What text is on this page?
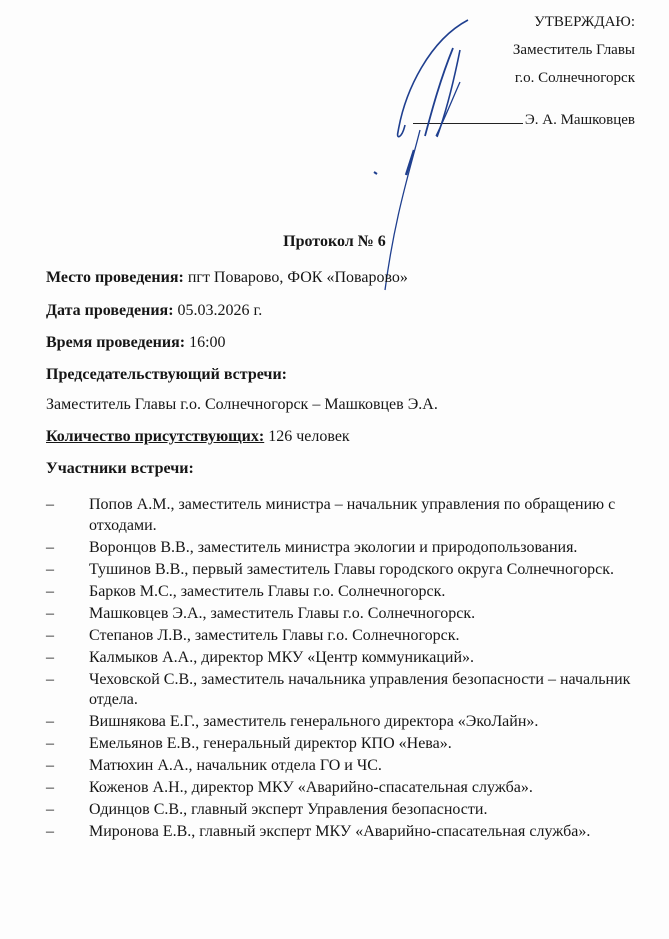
УТВЕРЖДАЮ:
Заместитель Главы
г.о. Солнечногорск
Э. А. Машковцев
Протокол № 6
Место проведения: пгт Поварово, ФОК «Поварово»
Дата проведения: 05.03.2026 г.
Время проведения: 16:00
Председательствующий встречи:
Заместитель Главы г.о. Солнечногорск – Машковцев Э.А.
Количество присутствующих: 126 человек
Участники встречи:
– Попов А.М., заместитель министра – начальник управления по обращению с отходами.
– Воронцов В.В., заместитель министра экологии и природопользования.
– Тушинов В.В., первый заместитель Главы городского округа Солнечногорск.
– Барков М.С., заместитель Главы г.о. Солнечногорск.
– Машковцев Э.А., заместитель Главы г.о. Солнечногорск.
– Степанов Л.В., заместитель Главы г.о. Солнечногорск.
– Калмыков А.А., директор МКУ «Центр коммуникаций».
– Чеховской С.В., заместитель начальника управления безопасности – начальник отдела.
– Вишнякова Е.Г., заместитель генерального директора «ЭкоЛайн».
– Емельянов Е.В., генеральный директор КПО «Нева».
– Матюхин А.А., начальник отдела ГО и ЧС.
– Коженов А.Н., директор МКУ «Аварийно-спасательная служба».
– Одинцов С.В., главный эксперт Управления безопасности.
– Миронова Е.В., главный эксперт МКУ «Аварийно-спасательная служба».
